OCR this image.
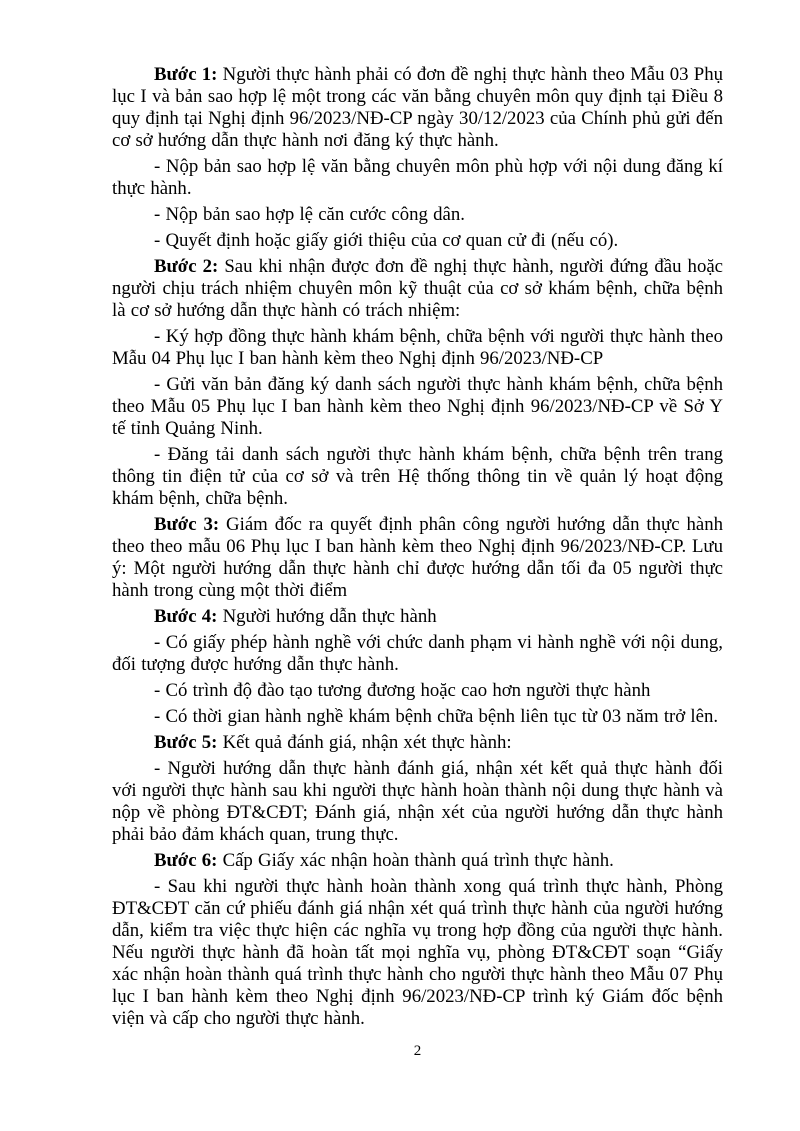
Bước 1: Người thực hành phải có đơn đề nghị thực hành theo Mẫu 03 Phụ lục I và bản sao hợp lệ một trong các văn bằng chuyên môn quy định tại Điều 8 quy định tại Nghị định 96/2023/NĐ-CP ngày 30/12/2023 của Chính phủ gửi đến cơ sở hướng dẫn thực hành nơi đăng ký thực hành.

- Nộp bản sao hợp lệ văn bằng chuyên môn phù hợp với nội dung đăng kí thực hành.

- Nộp bản sao hợp lệ căn cước công dân.

- Quyết định hoặc giấy giới thiệu của cơ quan cử đi (nếu có).

Bước 2: Sau khi nhận được đơn đề nghị thực hành, người đứng đầu hoặc người chịu trách nhiệm chuyên môn kỹ thuật của cơ sở khám bệnh, chữa bệnh là cơ sở hướng dẫn thực hành có trách nhiệm:

- Ký hợp đồng thực hành khám bệnh, chữa bệnh với người thực hành theo Mẫu 04 Phụ lục I ban hành kèm theo Nghị định 96/2023/NĐ-CP

- Gửi văn bản đăng ký danh sách người thực hành khám bệnh, chữa bệnh theo Mẫu 05 Phụ lục I ban hành kèm theo Nghị định 96/2023/NĐ-CP về Sở Y tế tỉnh Quảng Ninh.

- Đăng tải danh sách người thực hành khám bệnh, chữa bệnh trên trang thông tin điện tử của cơ sở và trên Hệ thống thông tin về quản lý hoạt động khám bệnh, chữa bệnh.

Bước 3: Giám đốc ra quyết định phân công người hướng dẫn thực hành theo theo mẫu 06 Phụ lục I ban hành kèm theo Nghị định 96/2023/NĐ-CP. Lưu ý: Một người hướng dẫn thực hành chỉ được hướng dẫn tối đa 05 người thực hành trong cùng một thời điểm

Bước 4: Người hướng dẫn thực hành

- Có giấy phép hành nghề với chức danh phạm vi hành nghề với nội dung, đối tượng được hướng dẫn thực hành.

- Có trình độ đào tạo tương đương hoặc cao hơn người thực hành

- Có thời gian hành nghề khám bệnh chữa bệnh liên tục từ 03 năm trở lên.

Bước 5: Kết quả đánh giá, nhận xét thực hành:

- Người hướng dẫn thực hành đánh giá, nhận xét kết quả thực hành đối với người thực hành sau khi người thực hành hoàn thành nội dung thực hành và nộp về phòng ĐT&CĐT; Đánh giá, nhận xét của người hướng dẫn thực hành phải bảo đảm khách quan, trung thực.

Bước 6: Cấp Giấy xác nhận hoàn thành quá trình thực hành.

- Sau khi người thực hành hoàn thành xong quá trình thực hành, Phòng ĐT&CĐT căn cứ phiếu đánh giá nhận xét quá trình thực hành của người hướng dẫn, kiểm tra việc thực hiện các nghĩa vụ trong hợp đồng của người thực hành. Nếu người thực hành đã hoàn tất mọi nghĩa vụ, phòng ĐT&CĐT soạn “Giấy xác nhận hoàn thành quá trình thực hành cho người thực hành theo Mẫu 07 Phụ lục I ban hành kèm theo Nghị định 96/2023/NĐ-CP trình ký Giám đốc bệnh viện và cấp cho người thực hành.

2
